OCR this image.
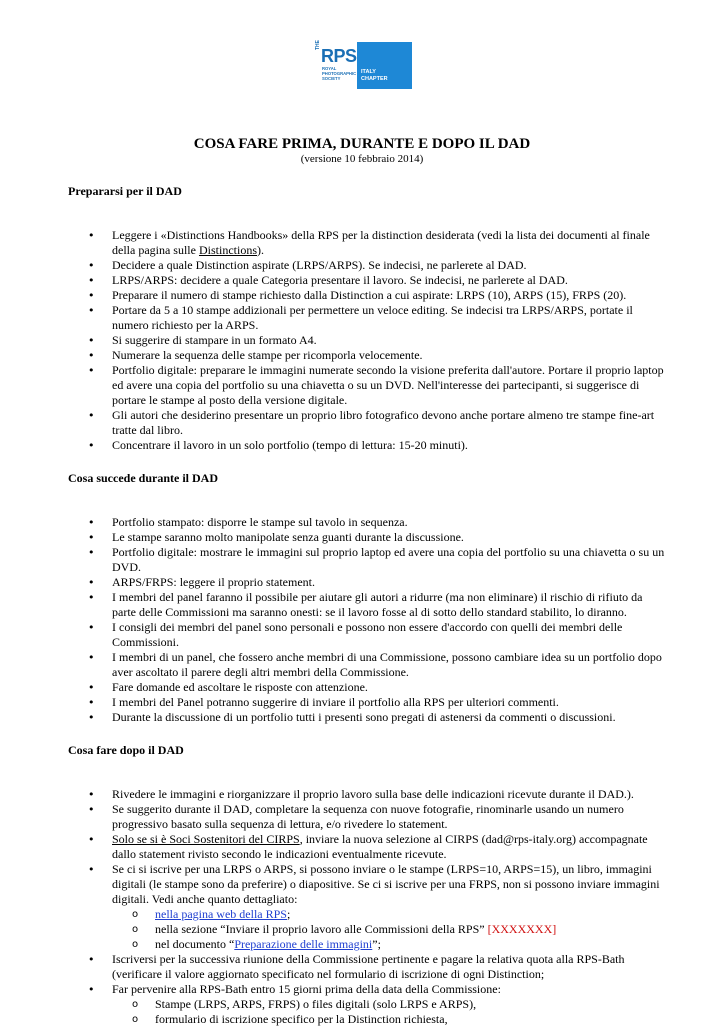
THE
RPS
ROYAL
PHOTOGRAPHIC
SOCIETY
ITALY
CHAPTER
COSA FARE PRIMA, DURANTE E DOPO IL DAD
(versione 10 febbraio 2014)
Prepararsi per il DAD
•
Leggere i «Distinctions Handbooks» della RPS per la distinction desiderata (vedi la lista dei documenti al finale della pagina sulle Distinctions).
•
Decidere a quale Distinction aspirate (LRPS/ARPS). Se indecisi, ne parlerete al DAD.
•
LRPS/ARPS: decidere a quale Categoria presentare il lavoro. Se indecisi, ne parlerete al DAD.
•
Preparare il numero di stampe richiesto dalla Distinction a cui aspirate: LRPS (10), ARPS (15), FRPS (20).
•
Portare da 5 a 10 stampe addizionali per permettere un veloce editing. Se indecisi tra LRPS/ARPS, portate il numero richiesto per la ARPS.
•
Si suggerire di stampare in un formato A4.
•
Numerare la sequenza delle stampe per ricomporla velocemente.
•
Portfolio digitale: preparare le immagini numerate secondo la visione preferita dall'autore. Portare il proprio laptop ed avere una copia del portfolio su una chiavetta o su un DVD. Nell'interesse dei partecipanti, si suggerisce di portare le stampe al posto della versione digitale.
•
Gli autori che desiderino presentare un proprio libro fotografico devono anche portare almeno tre stampe fine-art tratte dal libro.
•
Concentrare il lavoro in un solo portfolio (tempo di lettura: 15-20 minuti).
Cosa succede durante il DAD
•
Portfolio stampato: disporre le stampe sul tavolo in sequenza.
•
Le stampe saranno molto manipolate senza guanti durante la discussione.
•
Portfolio digitale: mostrare le immagini sul proprio laptop ed avere una copia del portfolio su una chiavetta o su un DVD.
•
ARPS/FRPS: leggere il proprio statement.
•
I membri del panel faranno il possibile per aiutare gli autori a ridurre (ma non eliminare) il rischio di rifiuto da parte delle Commissioni ma saranno onesti: se il lavoro fosse al di sotto dello standard stabilito, lo diranno.
•
I consigli dei membri del panel sono personali e possono non essere d'accordo con quelli dei membri delle Commissioni.
•
I membri di un panel, che fossero anche membri di una Commissione, possono cambiare idea su un portfolio dopo aver ascoltato il parere degli altri membri della Commissione.
•
Fare domande ed ascoltare le risposte con attenzione.
•
I membri del Panel potranno suggerire di inviare il portfolio alla RPS per ulteriori commenti.
•
Durante la discussione di un portfolio tutti i presenti sono pregati di astenersi da commenti o discussioni.
Cosa fare dopo il DAD
•
Rivedere le immagini e riorganizzare il proprio lavoro sulla base delle indicazioni ricevute durante il DAD.).
•
Se suggerito durante il DAD, completare la sequenza con nuove fotografie, rinominarle usando un numero progressivo basato sulla sequenza di lettura, e/o rivedere lo statement.
•
Solo se si è Soci Sostenitori del CIRPS, inviare la nuova selezione al CIRPS (dad@rps-italy.org) accompagnate dallo statement rivisto secondo le indicazioni eventualmente ricevute.
•
Se ci si iscrive per una LRPS o ARPS, si possono inviare o le stampe (LRPS=10, ARPS=15), un libro, immagini digitali (le stampe sono da preferire) o diapositive. Se ci si iscrive per una FRPS, non si possono inviare immagini digitali. Vedi anche quanto dettagliato:
o nella pagina web della RPS;
o nella sezione “Inviare il proprio lavoro alle Commissioni della RPS” [XXXXXXX]
o nel documento “Preparazione delle immagini”;
•
Iscriversi per la successiva riunione della Commissione pertinente e pagare la relativa quota alla RPS-Bath (verificare il valore aggiornato specificato nel formulario di iscrizione di ogni Distinction;
•
Far pervenire alla RPS-Bath entro 15 giorni prima della data della Commissione:
o Stampe (LRPS, ARPS, FRPS) o files digitali (solo LRPS e ARPS),
o formulario di iscrizione specifico per la Distinction richiesta,
